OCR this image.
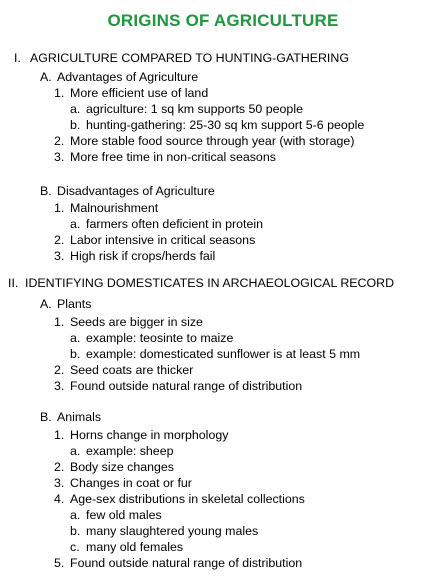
ORIGINS OF AGRICULTURE
I. AGRICULTURE COMPARED TO HUNTING-GATHERING
A. Advantages of Agriculture
1. More efficient use of land
a. agriculture: 1 sq km supports 50 people
b. hunting-gathering: 25-30 sq km support 5-6 people
2. More stable food source through year (with storage)
3. More free time in non-critical seasons
B. Disadvantages of Agriculture
1. Malnourishment
a. farmers often deficient in protein
2. Labor intensive in critical seasons
3. High risk if crops/herds fail
II. IDENTIFYING DOMESTICATES IN ARCHAEOLOGICAL RECORD
A. Plants
1. Seeds are bigger in size
a. example: teosinte to maize
b. example: domesticated sunflower is at least 5 mm
2. Seed coats are thicker
3. Found outside natural range of distribution
B. Animals
1. Horns change in morphology
a. example: sheep
2. Body size changes
3. Changes in coat or fur
4. Age-sex distributions in skeletal collections
a. few old males
b. many slaughtered young males
c. many old females
5. Found outside natural range of distribution
